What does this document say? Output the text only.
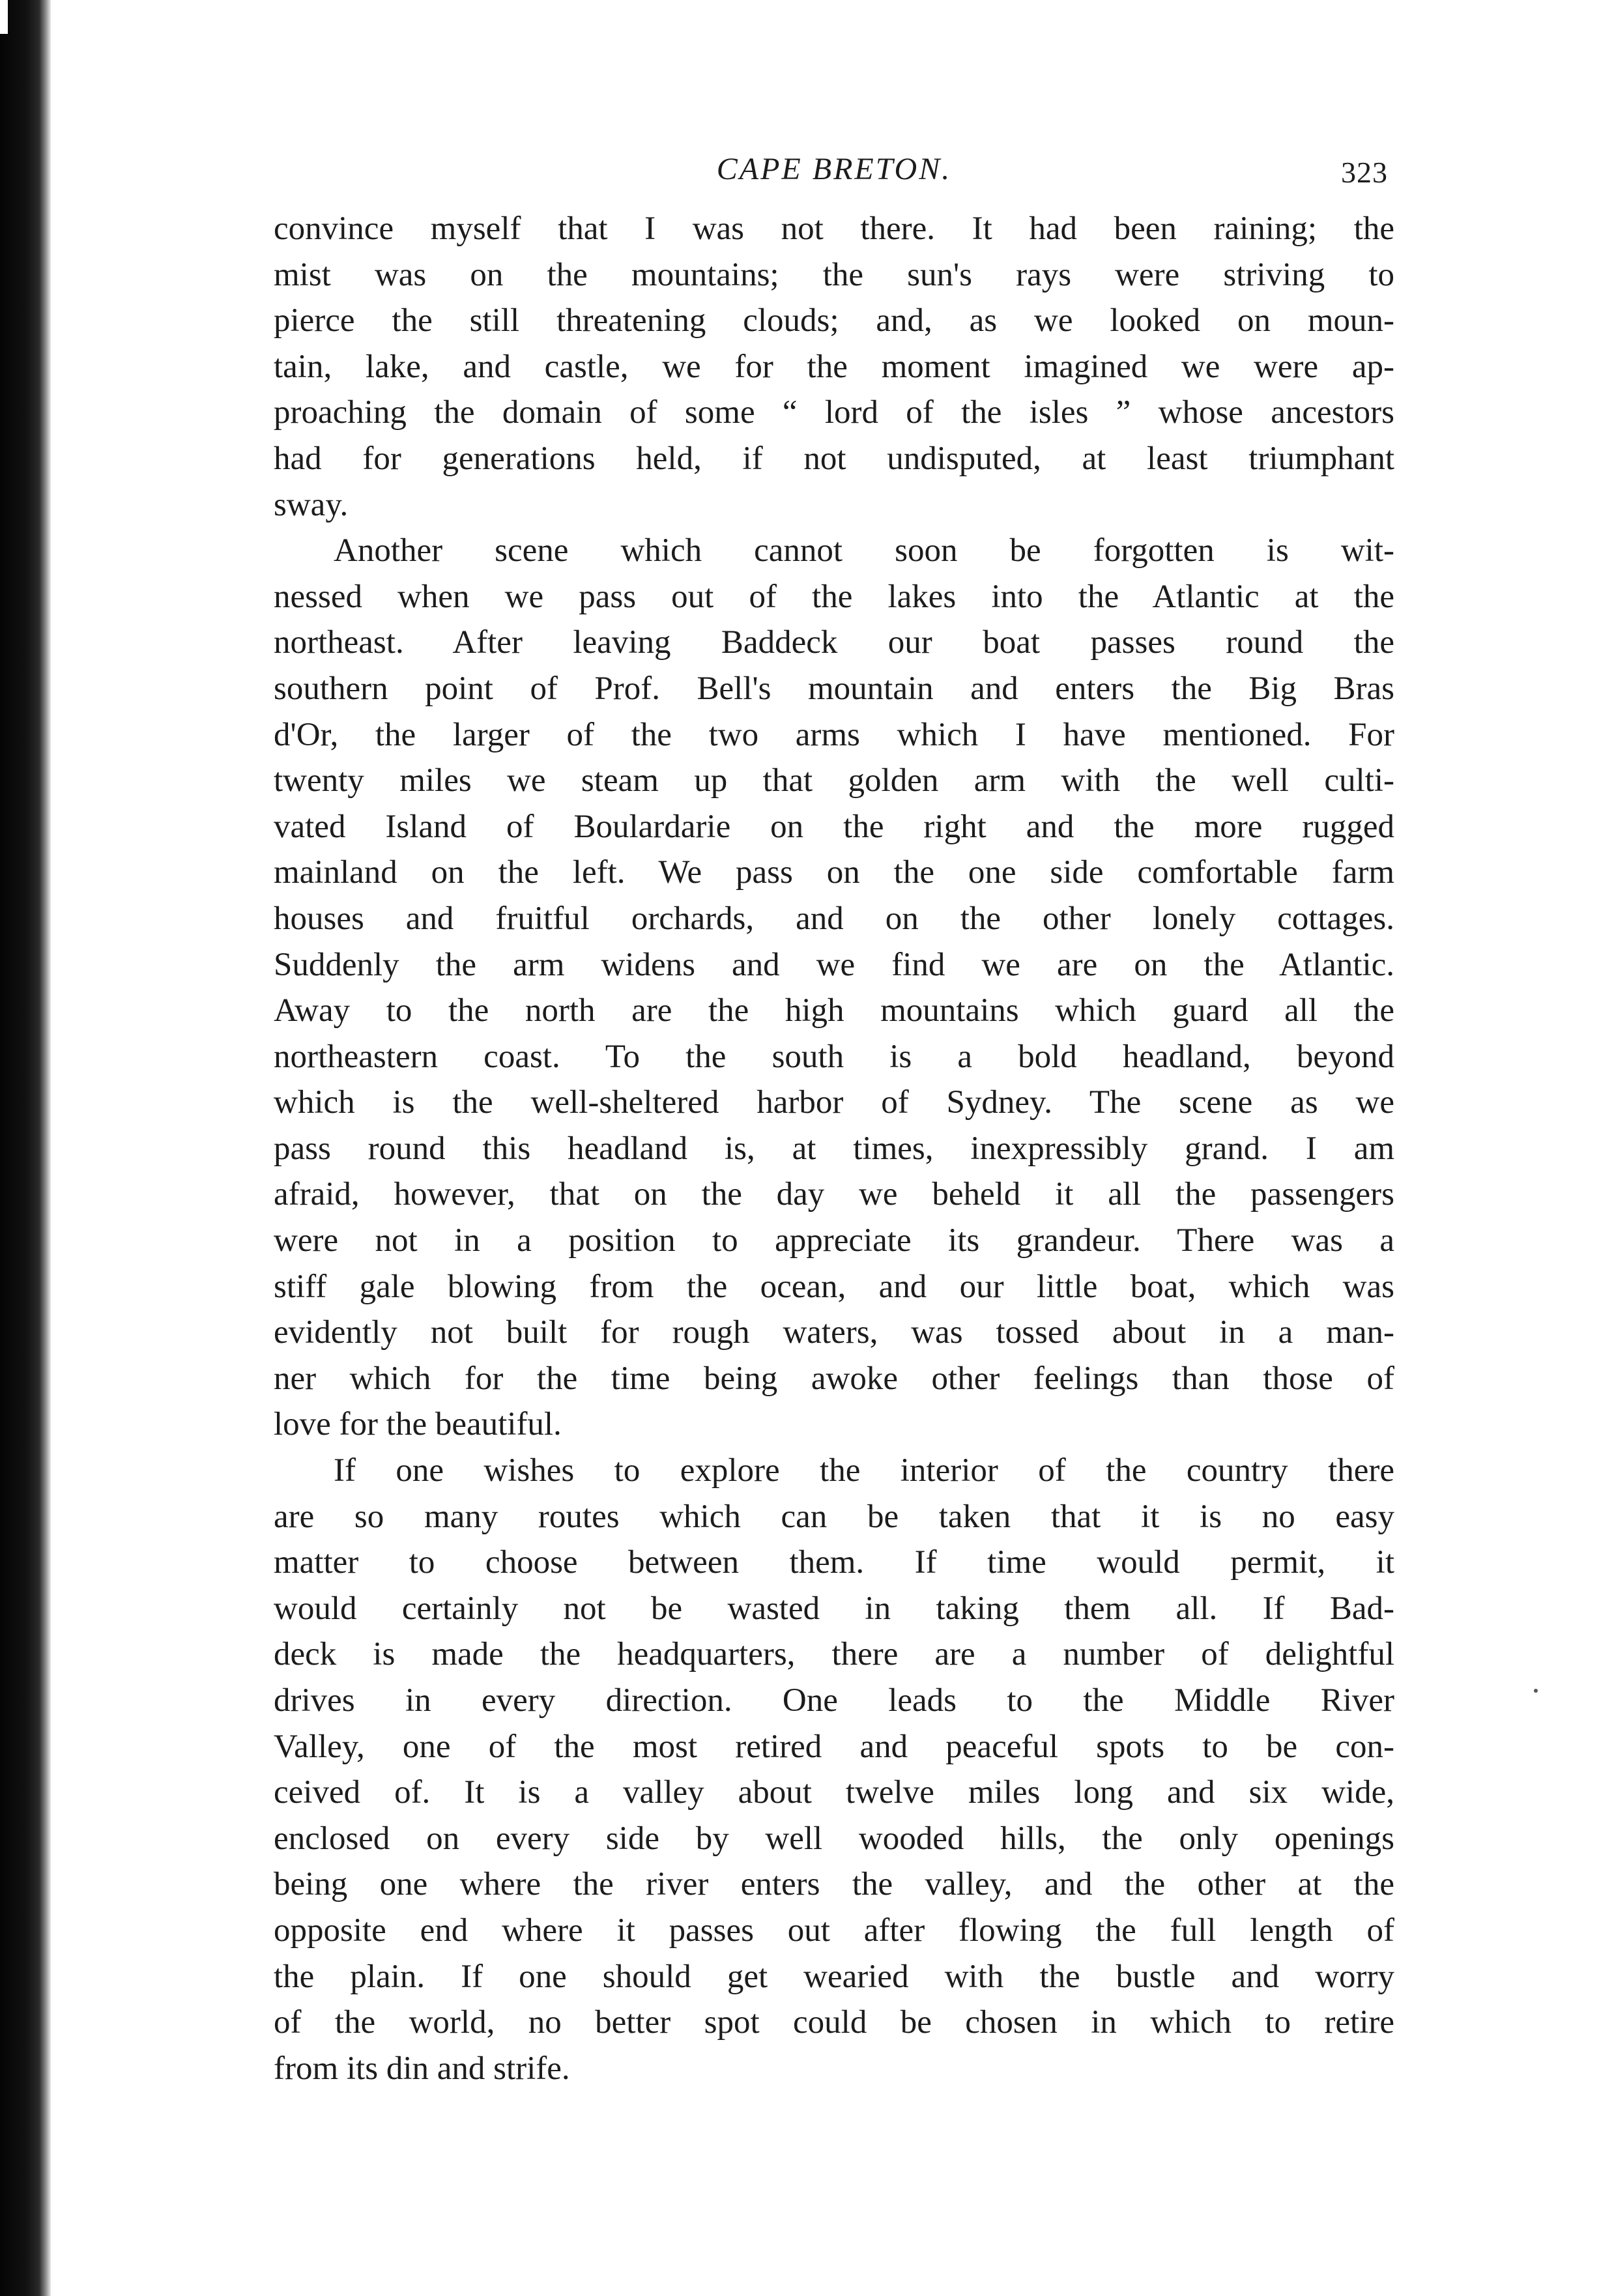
CAPE BRETON.	323
convince myself that I was not there. It had been raining; the
mist was on the mountains; the sun's rays were striving to
pierce the still threatening clouds; and, as we looked on moun-
tain, lake, and castle, we for the moment imagined we were ap-
proaching the domain of some “ lord of the isles ” whose ancestors
had for generations held, if not undisputed, at least triumphant
sway.
Another scene which cannot soon be forgotten is wit-
nessed when we pass out of the lakes into the Atlantic at the
northeast. After leaving Baddeck our boat passes round the
southern point of Prof. Bell's mountain and enters the Big Bras
d'Or, the larger of the two arms which I have mentioned. For
twenty miles we steam up that golden arm with the well culti-
vated Island of Boulardarie on the right and the more rugged
mainland on the left. We pass on the one side comfortable farm
houses and fruitful orchards, and on the other lonely cottages.
Suddenly the arm widens and we find we are on the Atlantic.
Away to the north are the high mountains which guard all the
northeastern coast. To the south is a bold headland, beyond
which is the well-sheltered harbor of Sydney. The scene as we
pass round this headland is, at times, inexpressibly grand. I am
afraid, however, that on the day we beheld it all the passengers
were not in a position to appreciate its grandeur. There was a
stiff gale blowing from the ocean, and our little boat, which was
evidently not built for rough waters, was tossed about in a man-
ner which for the time being awoke other feelings than those of
love for the beautiful.
If one wishes to explore the interior of the country there
are so many routes which can be taken that it is no easy
matter to choose between them. If time would permit, it
would certainly not be wasted in taking them all. If Bad-
deck is made the headquarters, there are a number of delightful
drives in every direction. One leads to the Middle River
Valley, one of the most retired and peaceful spots to be con-
ceived of. It is a valley about twelve miles long and six wide,
enclosed on every side by well wooded hills, the only openings
being one where the river enters the valley, and the other at the
opposite end where it passes out after flowing the full length of
the plain. If one should get wearied with the bustle and worry
of the world, no better spot could be chosen in which to retire
from its din and strife.
